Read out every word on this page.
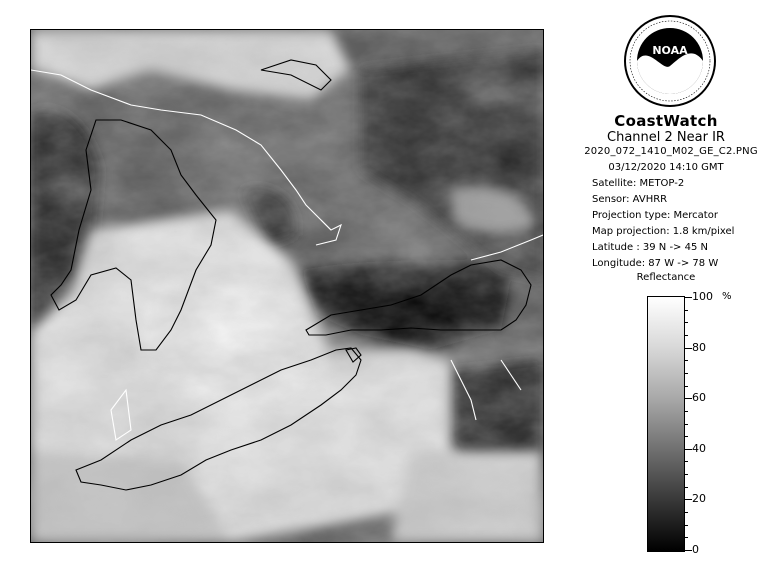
NOAA
CoastWatch
Channel 2 Near IR
2020_072_1410_M02_GE_C2.PNG
03/12/2020 14:10 GMT
Satellite: METOP-2
Sensor: AVHRR
Projection type: Mercator
Map projection: 1.8 km/pixel
Latitude : 39 N -> 45 N
Longitude: 87 W -> 78 W
Reflectance
%
100
80
60
40
20
0
